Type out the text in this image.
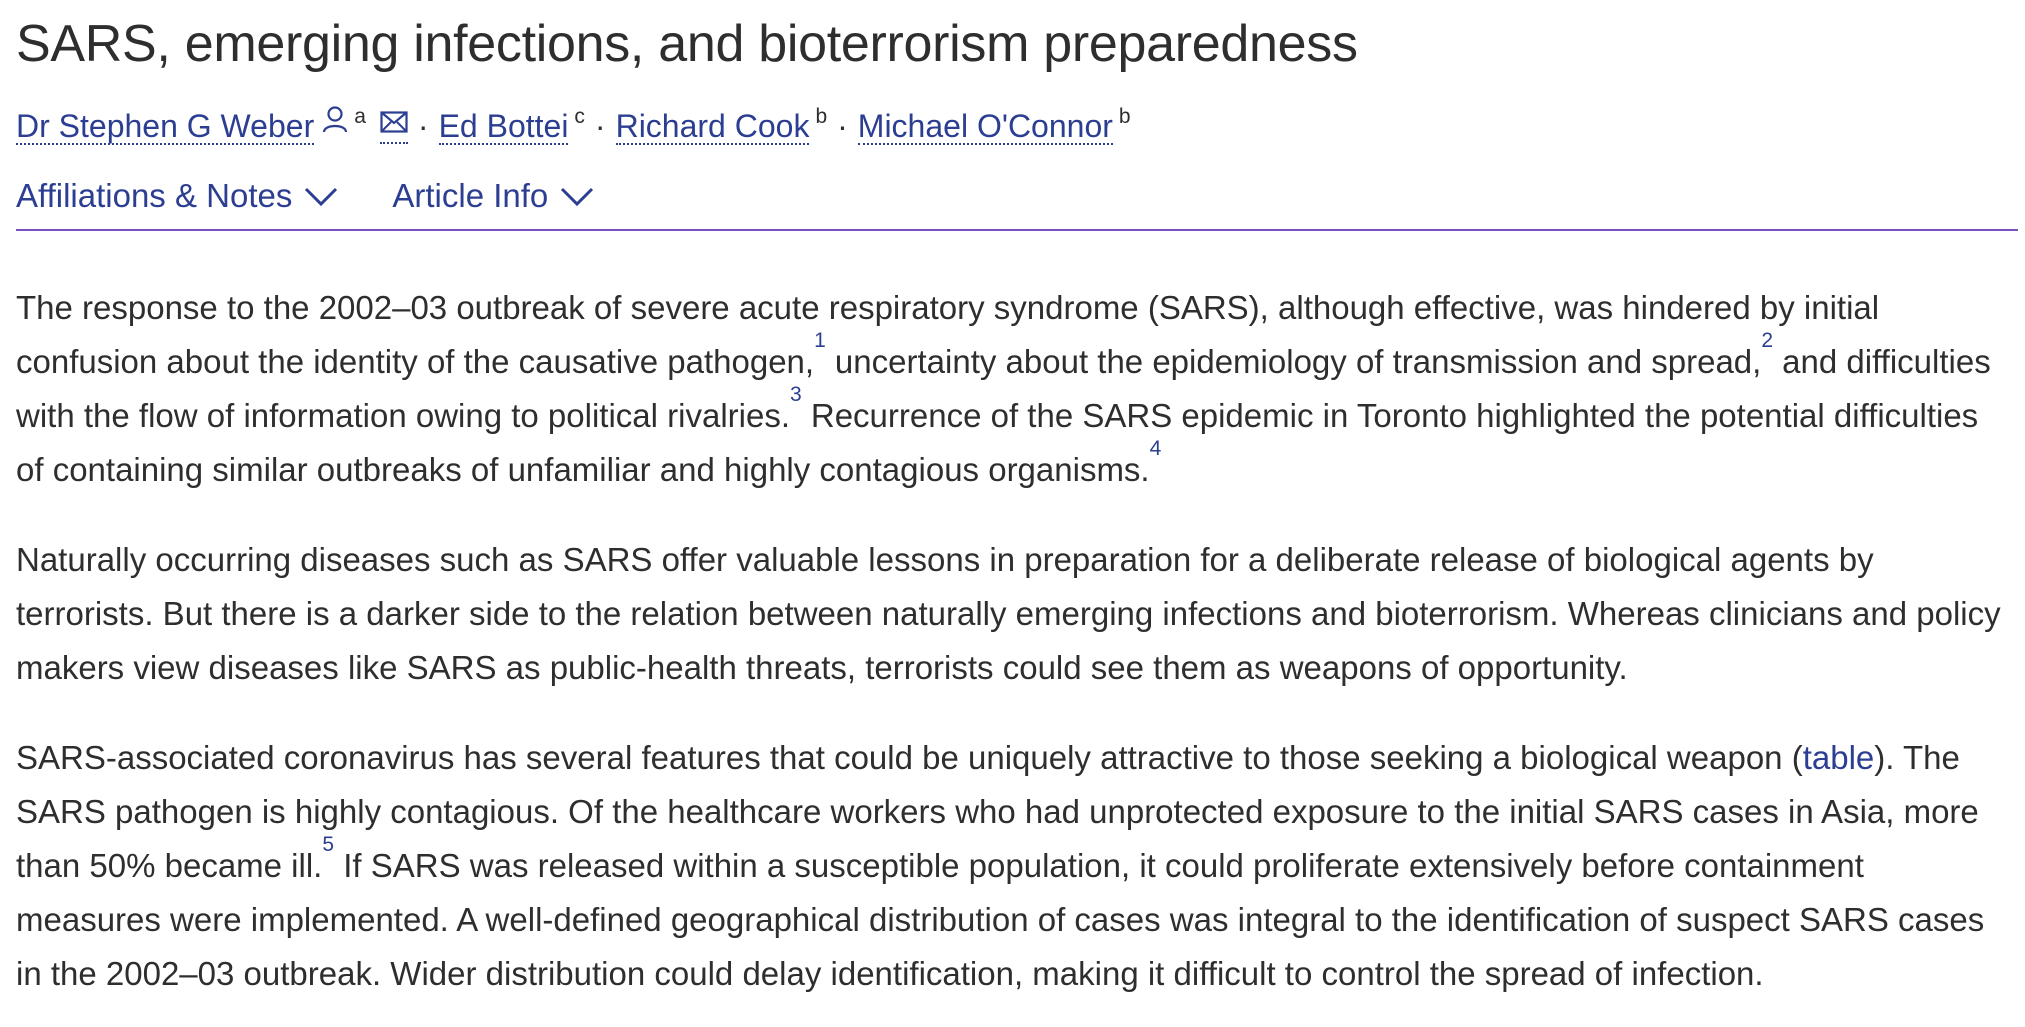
SARS, emerging infections, and bioterrorism preparedness
Dr Stephen G Weber a · Ed Bottei c · Richard Cook b · Michael O'Connor b
Affiliations & Notes	Article Info

The response to the 2002–03 outbreak of severe acute respiratory syndrome (SARS), although effective, was hindered by initial confusion about the identity of the causative pathogen,$^1$ uncertainty about the epidemiology of transmission and spread,$^2$ and difficulties with the flow of information owing to political rivalries.$^3$ Recurrence of the SARS epidemic in Toronto highlighted the potential difficulties of containing similar outbreaks of unfamiliar and highly contagious organisms.$^4$

Naturally occurring diseases such as SARS offer valuable lessons in preparation for a deliberate release of biological agents by terrorists. But there is a darker side to the relation between naturally emerging infections and bioterrorism. Whereas clinicians and policy makers view diseases like SARS as public-health threats, terrorists could see them as weapons of opportunity.

SARS-associated coronavirus has several features that could be uniquely attractive to those seeking a biological weapon (table). The SARS pathogen is highly contagious. Of the healthcare workers who had unprotected exposure to the initial SARS cases in Asia, more than 50% became ill.$^5$ If SARS was released within a susceptible population, it could proliferate extensively before containment measures were implemented. A well-defined geographical distribution of cases was integral to the identification of suspect SARS cases in the 2002–03 outbreak. Wider distribution could delay identification, making it difficult to control the spread of infection.
